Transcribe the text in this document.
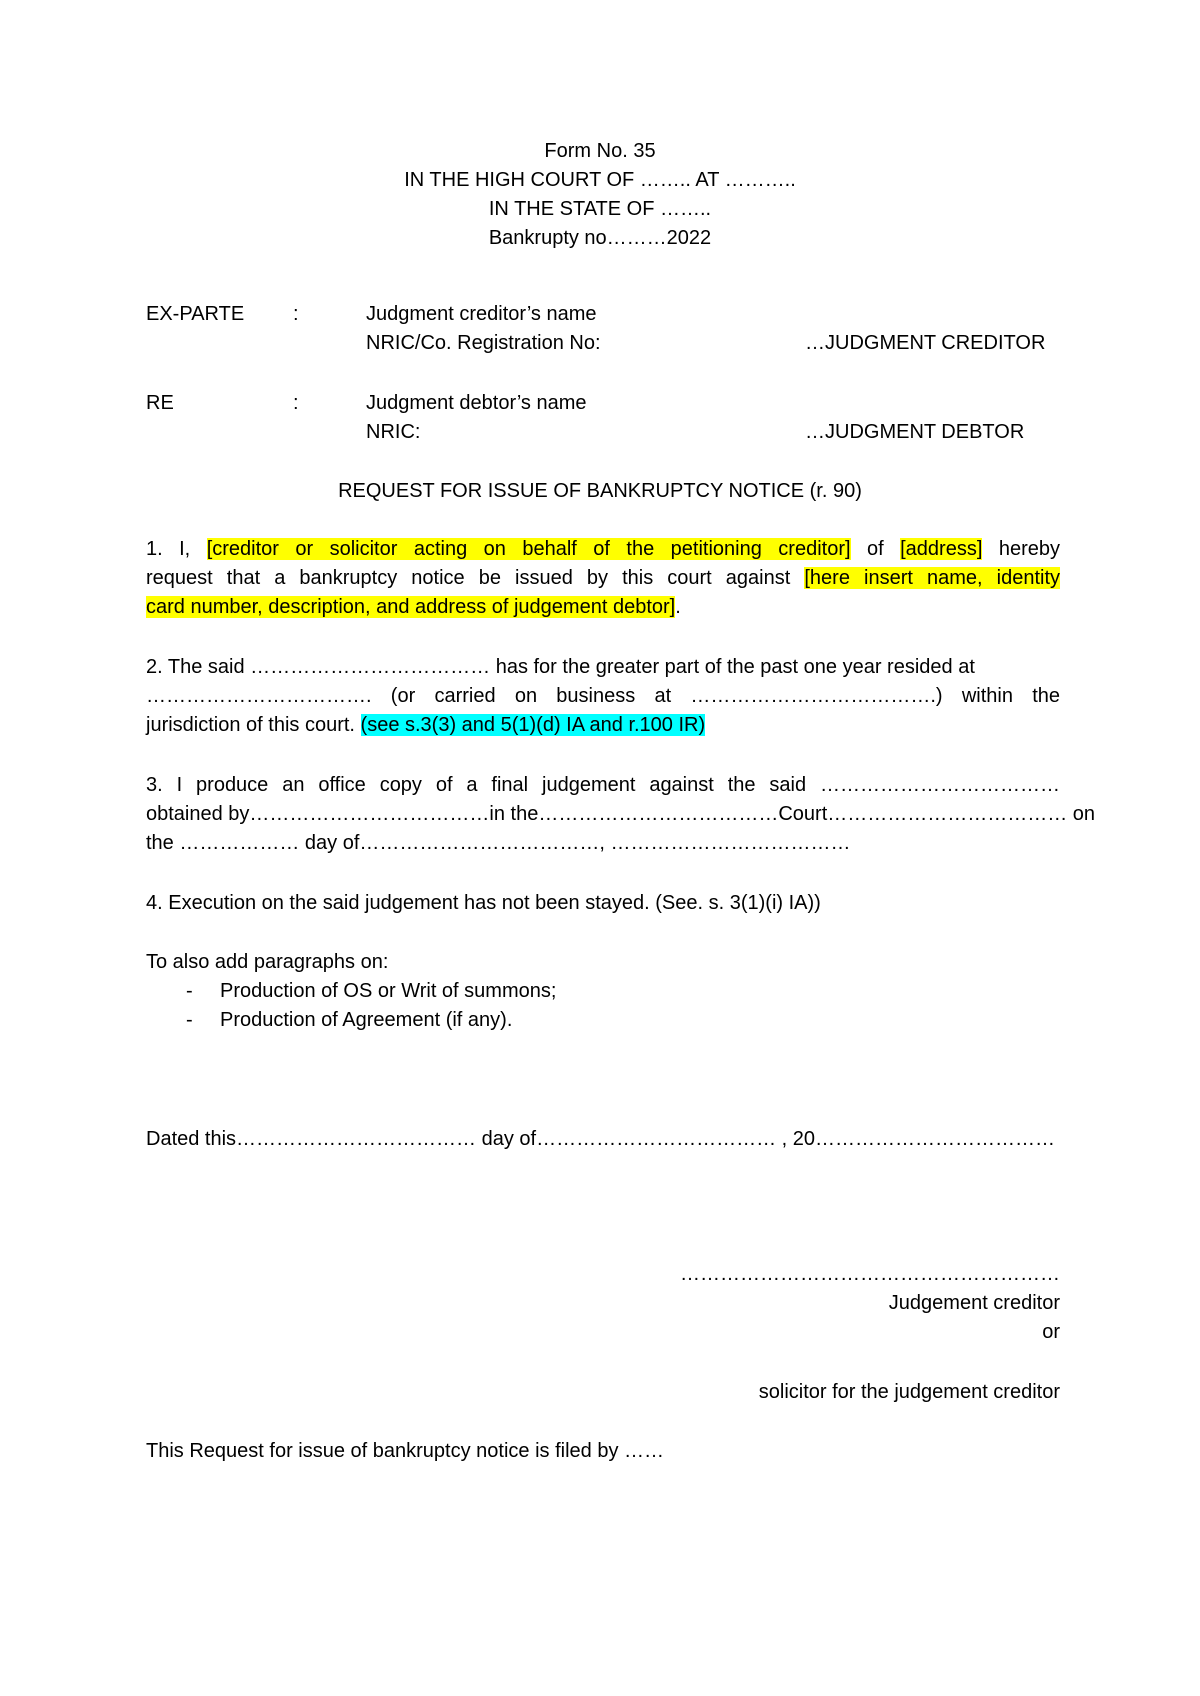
Form No. 35
IN THE HIGH COURT OF …….. AT ………..
IN THE STATE OF ……..
Bankrupty no………2022
EX-PARTE :	Judgment creditor’s name
NRIC/Co. Registration No:	…JUDGMENT CREDITOR
RE	:	Judgment debtor’s name
NRIC:	…JUDGMENT DEBTOR
REQUEST FOR ISSUE OF BANKRUPTCY NOTICE (r. 90)
1. I, [creditor or solicitor acting on behalf of the petitioning creditor] of [address] hereby
request that a bankruptcy notice be issued by this court against [here insert name, identity
card number, description, and address of judgement debtor].
2. The said ……………………………… has for the greater part of the past one year resided at
……………………………. (or carried on business at ……………………………….) within the
jurisdiction of this court. (see s.3(3) and 5(1)(d) IA and r.100 IR)
3. I produce an office copy of a final judgement against the said ………………………………
obtained by………………………………in the………………………………Court……………………………… on
the ……………… day of………………………………, ………………………………
4. Execution on the said judgement has not been stayed. (See. s. 3(1)(i) IA))
To also add paragraphs on:
- Production of OS or Writ of summons;
- Production of Agreement (if any).
Dated this……………………………… day of……………………………… , 20………………………………
…………………………………………………
Judgement creditor
or
solicitor for the judgement creditor
This Request for issue of bankruptcy notice is filed by ……
